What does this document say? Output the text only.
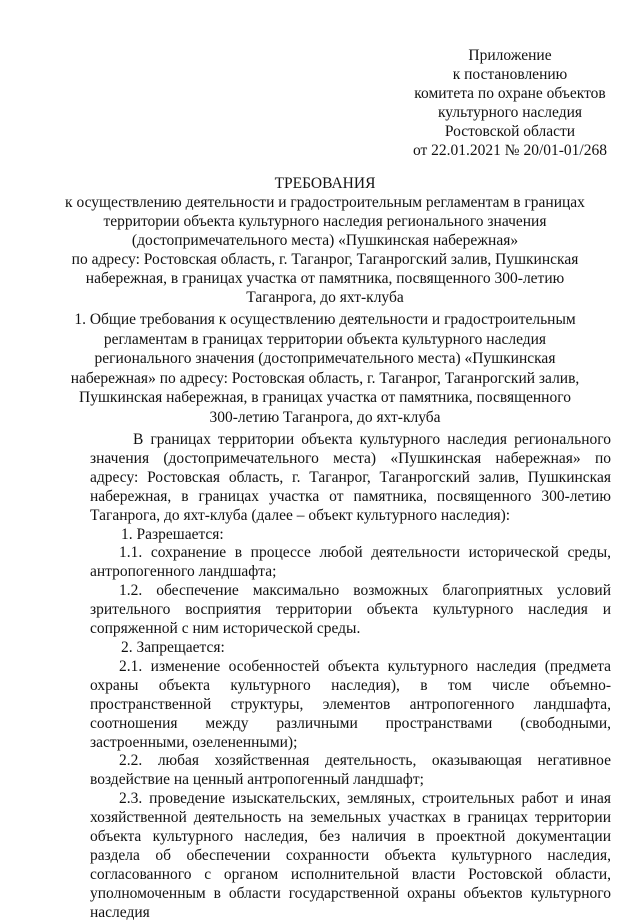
Приложение
к постановлению
комитета по охране объектов
культурного наследия
Ростовской области
от 22.01.2021 № 20/01-01/268
ТРЕБОВАНИЯ
к осуществлению деятельности и градостроительным регламентам в границах
территории объекта культурного наследия регионального значения
(достопримечательного места) «Пушкинская набережная»
по адресу: Ростовская область, г. Таганрог, Таганрогский залив, Пушкинская
набережная, в границах участка от памятника, посвященного 300-летию
Таганрога, до яхт-клуба
1. Общие требования к осуществлению деятельности и градостроительным
регламентам в границах территории объекта культурного наследия
регионального значения (достопримечательного места) «Пушкинская
набережная» по адресу: Ростовская область, г. Таганрог, Таганрогский залив,
Пушкинская набережная, в границах участка от памятника, посвященного
300-летию Таганрога, до яхт-клуба

В границах территории объекта культурного наследия регионального значения (достопримечательного места) «Пушкинская набережная» по адресу: Ростовская область, г. Таганрог, Таганрогский залив, Пушкинская набережная, в границах участка от памятника, посвященного 300-летию Таганрога, до яхт-клуба (далее – объект культурного наследия):

1. Разрешается:

1.1. сохранение в процессе любой деятельности исторической среды, антропогенного ландшафта;

1.2. обеспечение максимально возможных благоприятных условий зрительного восприятия территории объекта культурного наследия и сопряженной с ним исторической среды.

2. Запрещается:

2.1. изменение особенностей объекта культурного наследия (предмета охраны объекта культурного наследия), в том числе объемно-пространственной структуры, элементов антропогенного ландшафта, соотношения между различными пространствами (свободными, застроенными, озелененными);

2.2. любая хозяйственная деятельность, оказывающая негативное воздействие на ценный антропогенный ландшафт;

2.3. проведение изыскательских, земляных, строительных работ и иная хозяйственной деятельность на земельных участках в границах территории объекта культурного наследия, без наличия в проектной документации раздела об обеспечении сохранности объекта культурного наследия, согласованного с органом исполнительной власти Ростовской области, уполномоченным в области государственной охраны объектов культурного наследия
